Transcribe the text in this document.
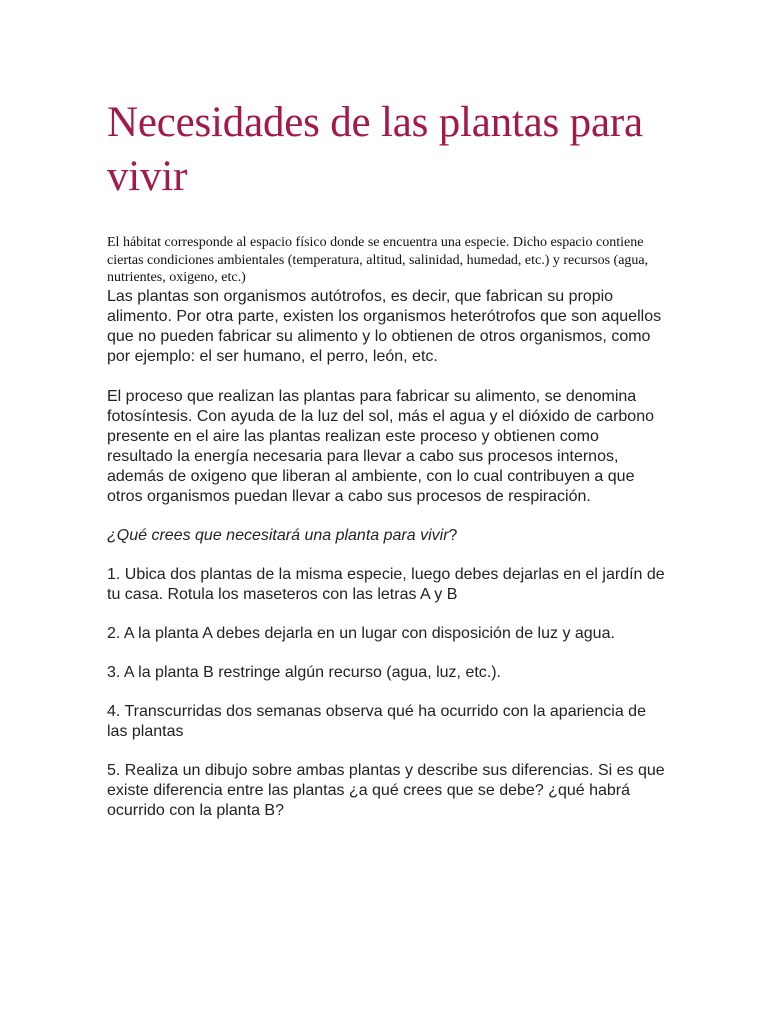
Necesidades de las plantas para vivir

El hábitat corresponde al espacio físico donde se encuentra una especie. Dicho espacio contiene ciertas condiciones ambientales (temperatura, altitud, salinidad, humedad, etc.) y recursos (agua, nutrientes, oxigeno, etc.)

Las plantas son organismos autótrofos, es decir, que fabrican su propio alimento. Por otra parte, existen los organismos heterótrofos que son aquellos que no pueden fabricar su alimento y lo obtienen de otros organismos, como por ejemplo: el ser humano, el perro, león, etc.

El proceso que realizan las plantas para fabricar su alimento, se denomina fotosíntesis. Con ayuda de la luz del sol, más el agua y el dióxido de carbono presente en el aire las plantas realizan este proceso y obtienen como resultado la energía necesaria para llevar a cabo sus procesos internos, además de oxigeno que liberan al ambiente, con lo cual contribuyen a que otros organismos puedan llevar a cabo sus procesos de respiración.

¿Qué crees que necesitará una planta para vivir?

1. Ubica dos plantas de la misma especie, luego debes dejarlas en el jardín de tu casa. Rotula los maseteros con las letras A y B

2. A la planta A debes dejarla en un lugar con disposición de luz y agua.

3. A la planta B restringe algún recurso (agua, luz, etc.).

4. Transcurridas dos semanas observa qué ha ocurrido con la apariencia de las plantas

5. Realiza un dibujo sobre ambas plantas y describe sus diferencias. Si es que existe diferencia entre las plantas ¿a qué crees que se debe? ¿qué habrá ocurrido con la planta B?
